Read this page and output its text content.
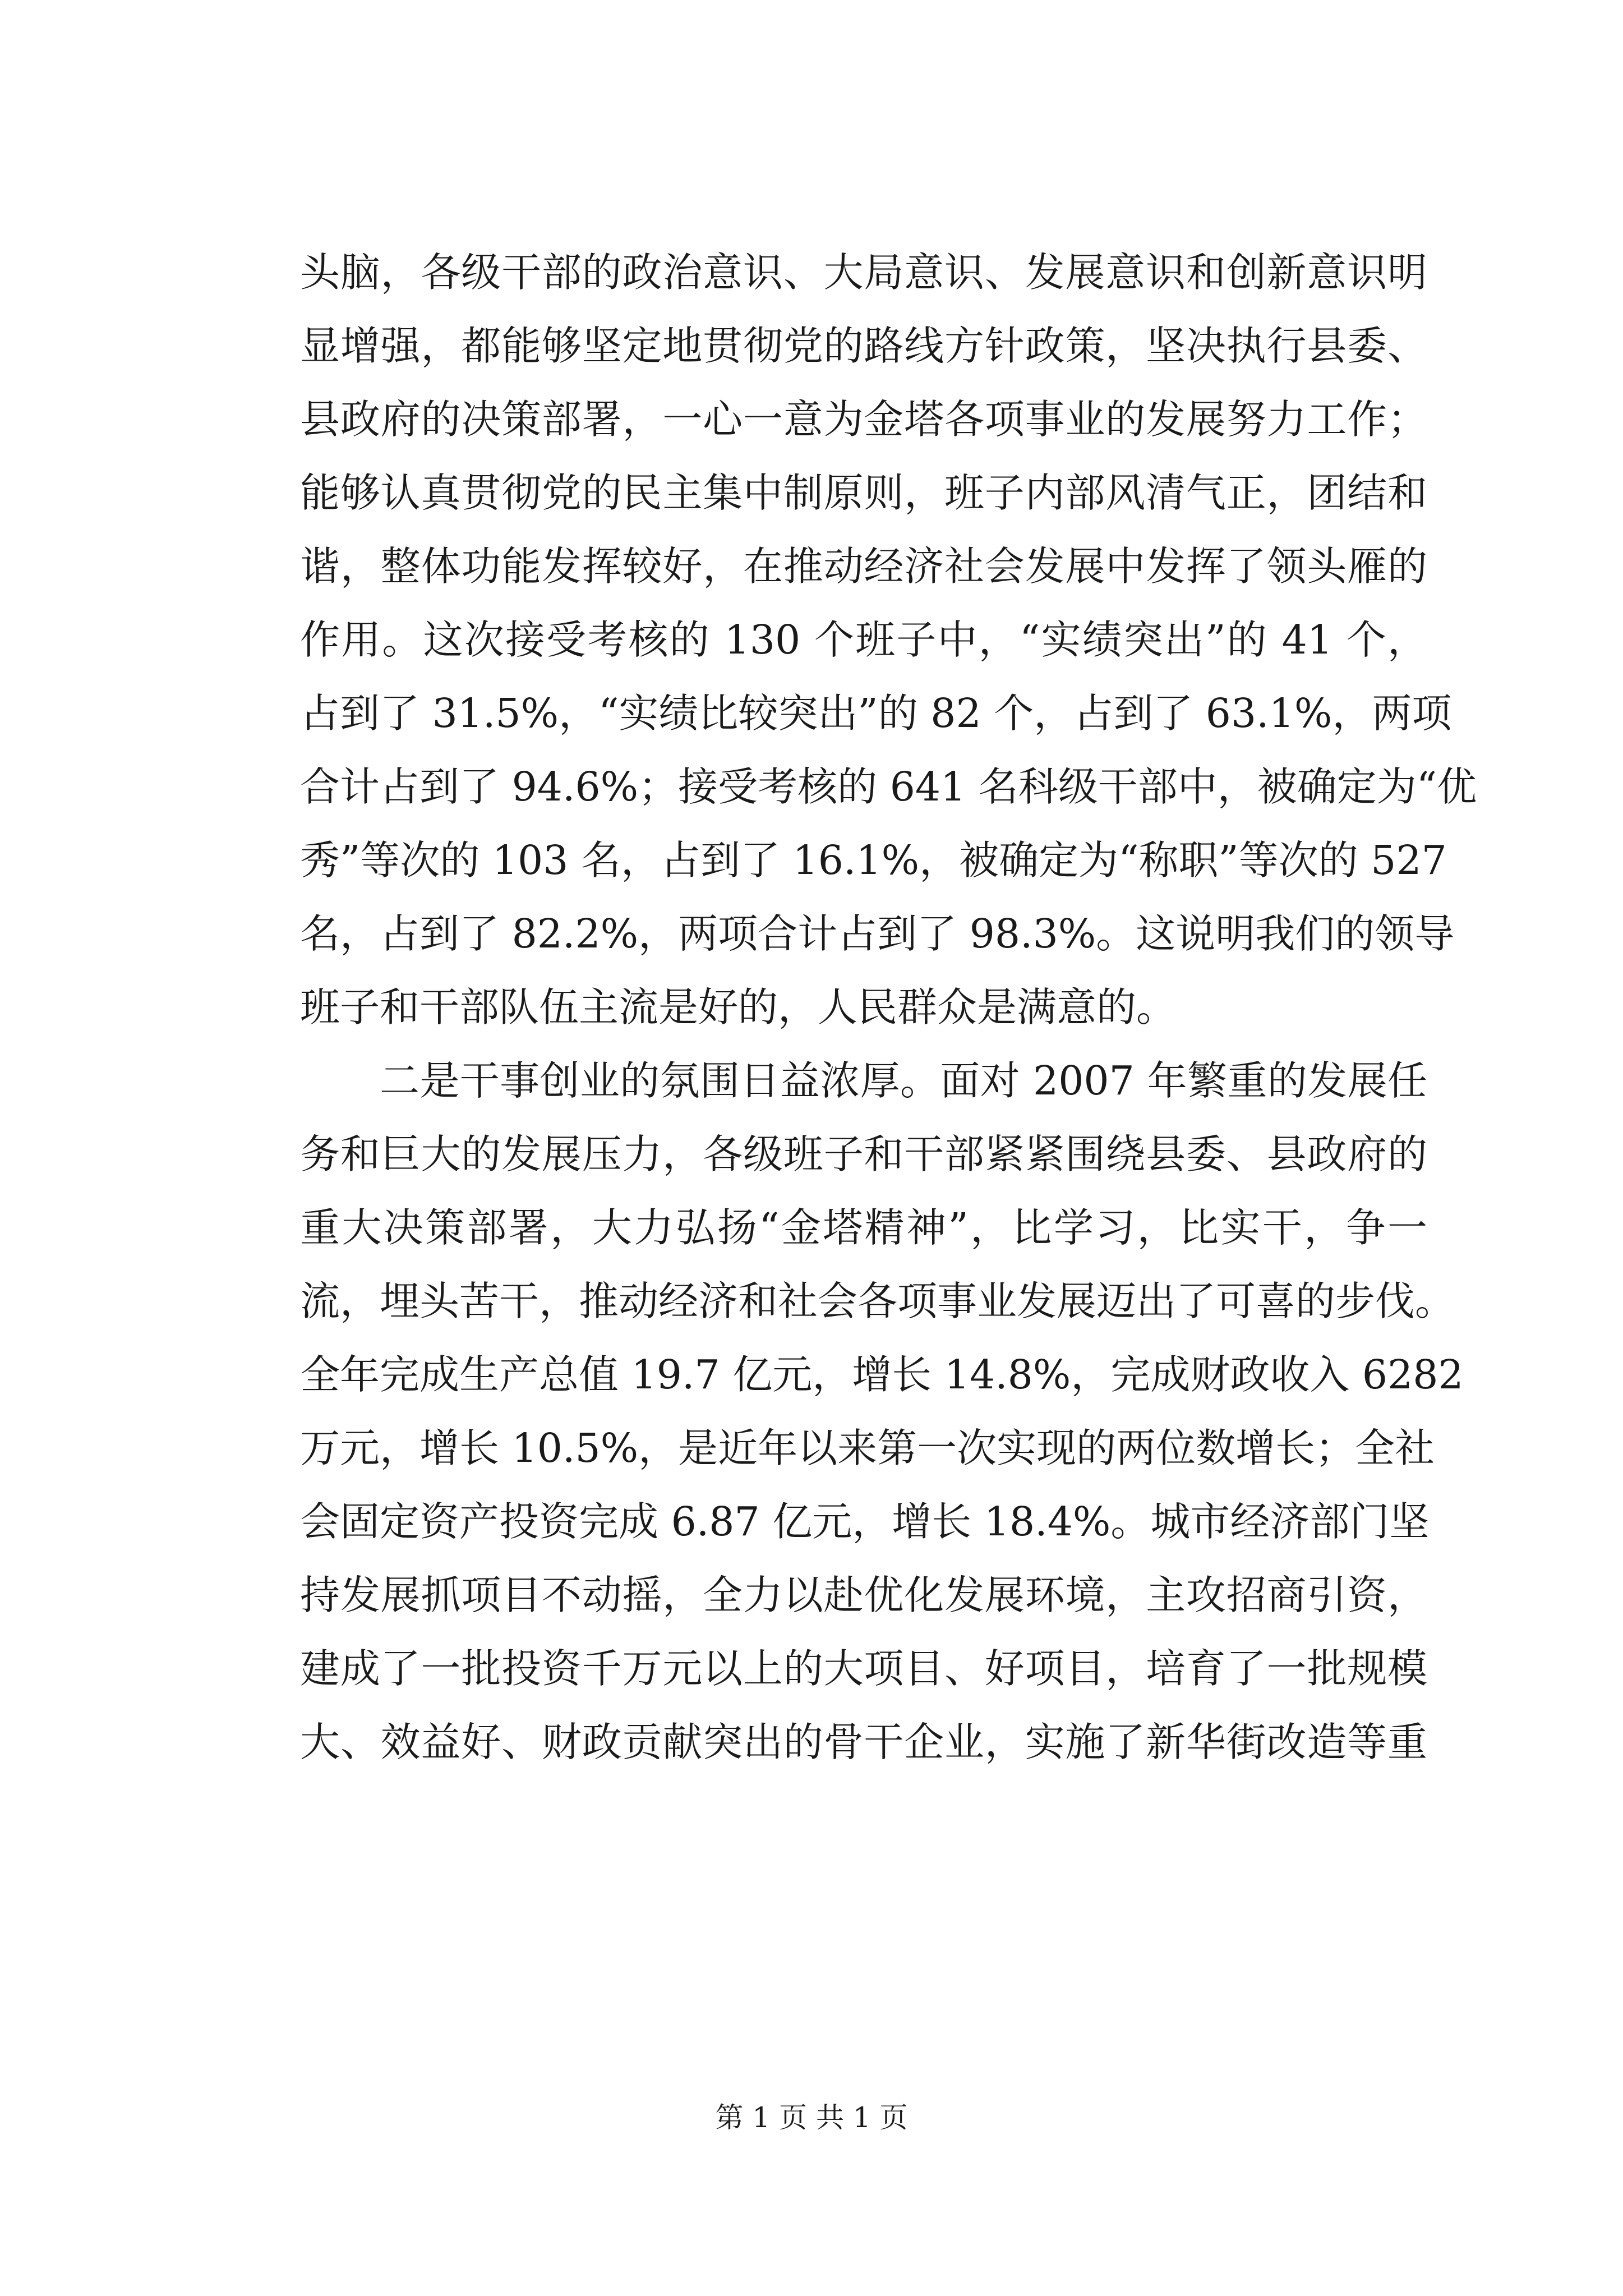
头脑，各级干部的政治意识、大局意识、发展意识和创新意识明
显增强，都能够坚定地贯彻党的路线方针政策，坚决执行县委、
县政府的决策部署，一心一意为金塔各项事业的发展努力工作；
能够认真贯彻党的民主集中制原则，班子内部风清气正，团结和
谐，整体功能发挥较好，在推动经济社会发展中发挥了领头雁的
作用。这次接受考核的 130 个班子中，“实绩突出”的 41 个，
占到了 31.5%，“实绩比较突出”的 82 个，占到了 63.1%，两项
合计占到了 94.6%；接受考核的 641 名科级干部中，被确定为“优
秀”等次的 103 名，占到了 16.1%，被确定为“称职”等次的 527
名，占到了 82.2%，两项合计占到了 98.3%。这说明我们的领导
班子和干部队伍主流是好的，人民群众是满意的。
二是干事创业的氛围日益浓厚。面对 2007 年繁重的发展任
务和巨大的发展压力，各级班子和干部紧紧围绕县委、县政府的
重大决策部署，大力弘扬“金塔精神”，比学习，比实干，争一
流，埋头苦干，推动经济和社会各项事业发展迈出了可喜的步伐。
全年完成生产总值 19.7 亿元，增长 14.8%，完成财政收入 6282
万元，增长 10.5%，是近年以来第一次实现的两位数增长；全社
会固定资产投资完成 6.87 亿元，增长 18.4%。城市经济部门坚
持发展抓项目不动摇，全力以赴优化发展环境，主攻招商引资，
建成了一批投资千万元以上的大项目、好项目，培育了一批规模
大、效益好、财政贡献突出的骨干企业，实施了新华街改造等重
第 1 页 共 1 页
